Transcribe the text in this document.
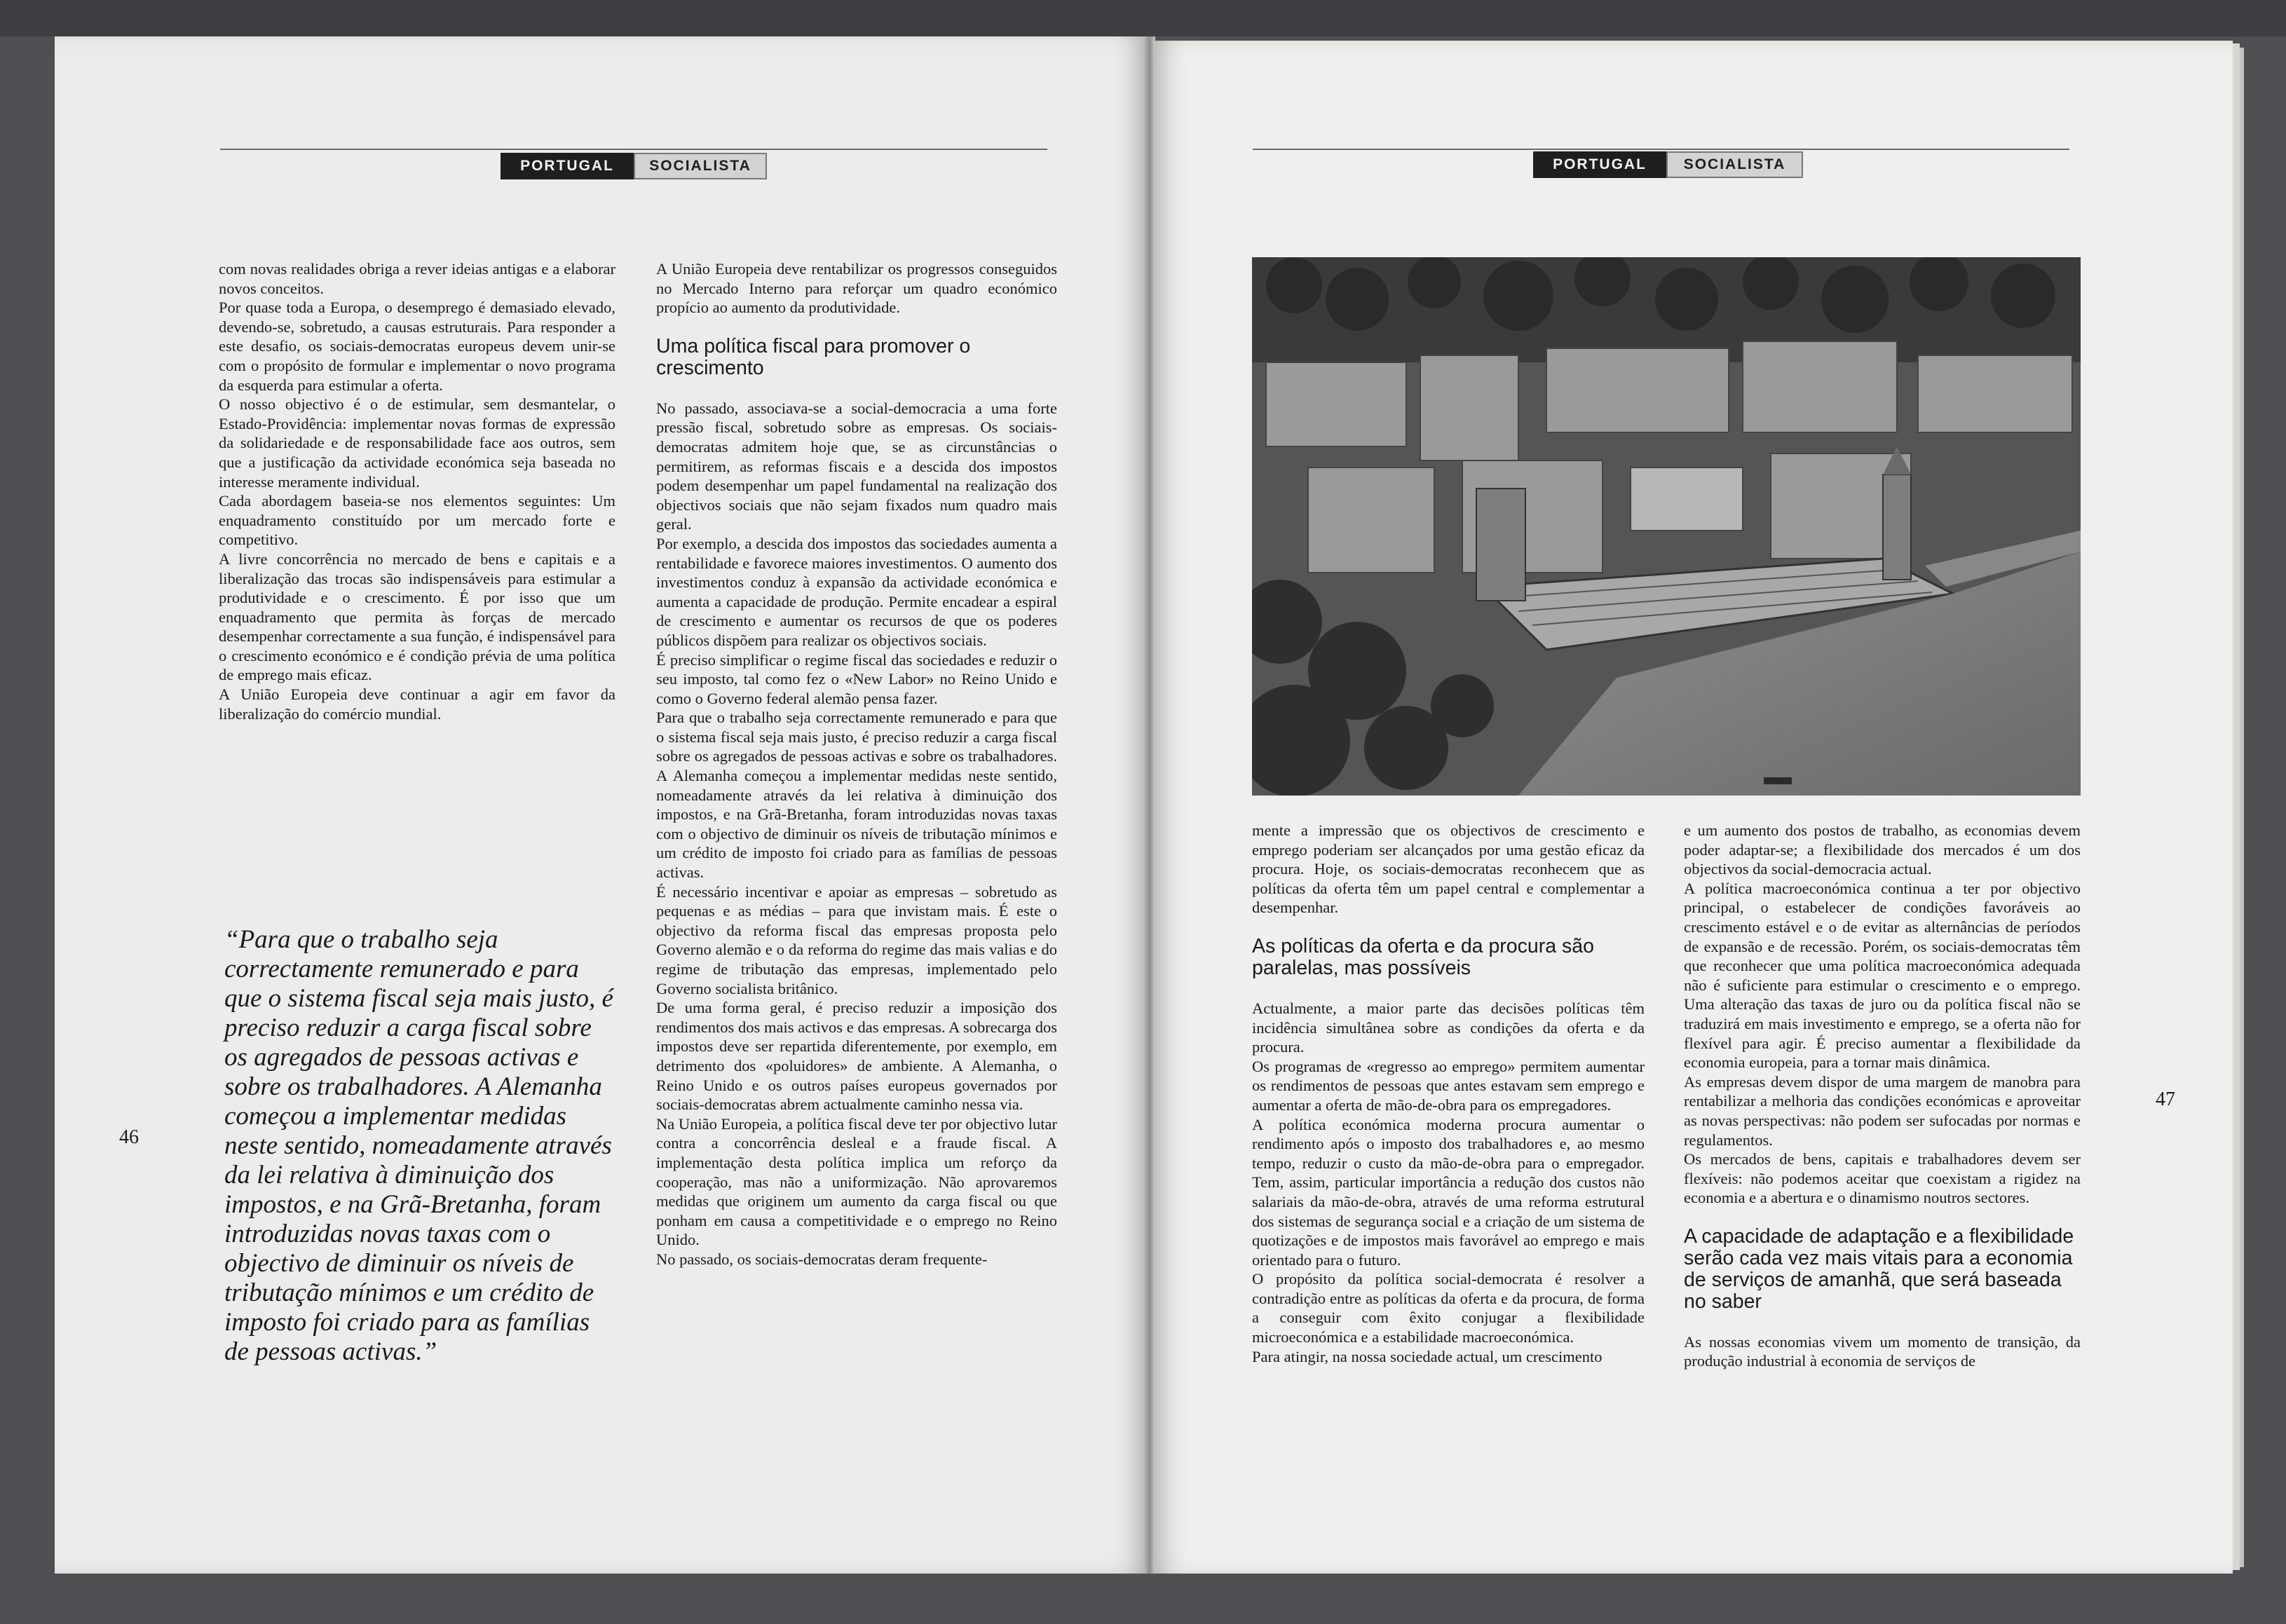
PORTUGAL	SOCIALISTA

com novas realidades obriga a rever ideias antigas e a elaborar novos conceitos.

Por quase toda a Europa, o desemprego é demasiado elevado, devendo-se, sobretudo, a causas estruturais. Para responder a este desafio, os sociais-democratas europeus devem unir-se com o propósito de formular e implementar o novo programa da esquerda para estimular a oferta.

O nosso objectivo é o de estimular, sem desmantelar, o Estado-Providência: implementar novas formas de expressão da solidariedade e de responsabilidade face aos outros, sem que a justificação da actividade económica seja baseada no interesse meramente individual.

Cada abordagem baseia-se nos elementos seguintes: Um enquadramento constituído por um mercado forte e competitivo.

A livre concorrência no mercado de bens e capitais e a liberalização das trocas são indispensáveis para estimular a produtividade e o crescimento. É por isso que um enquadramento que permita às forças de mercado desempenhar correctamente a sua função, é indispensável para o crescimento económico e é condição prévia de uma política de emprego mais eficaz.

A União Europeia deve continuar a agir em favor da liberalização do comércio mundial.

“Para que o trabalho seja correctamente remunerado e para que o sistema fiscal seja mais justo, é preciso reduzir a carga fiscal sobre os agregados de pessoas activas e sobre os trabalhadores. A Alemanha começou a implementar medidas neste sentido, nomeadamente através da lei relativa à diminuição dos impostos, e na Grã-Bretanha, foram introduzidas novas taxas com o objectivo de diminuir os níveis de tributação mínimos e um crédito de imposto foi criado para as famílias de pessoas activas.”
46

A União Europeia deve rentabilizar os progressos conseguidos no Mercado Interno para reforçar um quadro económico propício ao aumento da produtividade.

Uma política fiscal para promover o crescimento

No passado, associava-se a social-democracia a uma forte pressão fiscal, sobretudo sobre as empresas. Os sociais-democratas admitem hoje que, se as circunstâncias o permitirem, as reformas fiscais e a descida dos impostos podem desempenhar um papel fundamental na realização dos objectivos sociais que não sejam fixados num quadro mais geral.

Por exemplo, a descida dos impostos das sociedades aumenta a rentabilidade e favorece maiores investimentos. O aumento dos investimentos conduz à expansão da actividade económica e aumenta a capacidade de produção. Permite encadear a espiral de crescimento e aumentar os recursos de que os poderes públicos dispõem para realizar os objectivos sociais.

É preciso simplificar o regime fiscal das sociedades e reduzir o seu imposto, tal como fez o «New Labor» no Reino Unido e como o Governo federal alemão pensa fazer.

Para que o trabalho seja correctamente remunerado e para que o sistema fiscal seja mais justo, é preciso reduzir a carga fiscal sobre os agregados de pessoas activas e sobre os trabalhadores. A Alemanha começou a implementar medidas neste sentido, nomeadamente através da lei relativa à diminuição dos impostos, e na Grã-Bretanha, foram introduzidas novas taxas com o objectivo de diminuir os níveis de tributação mínimos e um crédito de imposto foi criado para as famílias de pessoas activas.

É necessário incentivar e apoiar as empresas – sobretudo as pequenas e as médias – para que invistam mais. É este o objectivo da reforma fiscal das empresas proposta pelo Governo alemão e o da reforma do regime das mais valias e do regime de tributação das empresas, implementado pelo Governo socialista britânico.

De uma forma geral, é preciso reduzir a imposição dos rendimentos dos mais activos e das empresas. A sobrecarga dos impostos deve ser repartida diferentemente, por exemplo, em detrimento dos «poluidores» de ambiente. A Alemanha, o Reino Unido e os outros países europeus governados por sociais-democratas abrem actualmente caminho nessa via.

Na União Europeia, a política fiscal deve ter por objectivo lutar contra a concorrência desleal e a fraude fiscal. A implementação desta política implica um reforço da cooperação, mas não a uniformização. Não aprovaremos medidas que originem um aumento da carga fiscal ou que ponham em causa a competitividade e o emprego no Reino Unido.

No passado, os sociais-democratas deram frequente-

PORTUGAL	SOCIALISTA

mente a impressão que os objectivos de crescimento e emprego poderiam ser alcançados por uma gestão eficaz da procura. Hoje, os sociais-democratas reconhecem que as políticas da oferta têm um papel central e complementar a desempenhar.

As políticas da oferta e da procura são paralelas, mas possíveis

Actualmente, a maior parte das decisões políticas têm incidência simultânea sobre as condições da oferta e da procura.

Os programas de «regresso ao emprego» permitem aumentar os rendimentos de pessoas que antes estavam sem emprego e aumentar a oferta de mão-de-obra para os empregadores.

A política económica moderna procura aumentar o rendimento após o imposto dos trabalhadores e, ao mesmo tempo, reduzir o custo da mão-de-obra para o empregador. Tem, assim, particular importância a redução dos custos não salariais da mão-de-obra, através de uma reforma estrutural dos sistemas de segurança social e a criação de um sistema de quotizações e de impostos mais favorável ao emprego e mais orientado para o futuro.

O propósito da política social-democrata é resolver a contradição entre as políticas da oferta e da procura, de forma a conseguir com êxito conjugar a flexibilidade microeconómica e a estabilidade macroeconómica.

Para atingir, na nossa sociedade actual, um crescimento

e um aumento dos postos de trabalho, as economias devem poder adaptar-se; a flexibilidade dos mercados é um dos objectivos da social-democracia actual.

A política macroeconómica continua a ter por objectivo principal, o estabelecer de condições favoráveis ao crescimento estável e o de evitar as alternâncias de períodos de expansão e de recessão. Porém, os sociais-democratas têm que reconhecer que uma política macroeconómica adequada não é suficiente para estimular o crescimento e o emprego. Uma alteração das taxas de juro ou da política fiscal não se traduzirá em mais investimento e emprego, se a oferta não for flexível para agir. É preciso aumentar a flexibilidade da economia europeia, para a tornar mais dinâmica.

As empresas devem dispor de uma margem de manobra para rentabilizar a melhoria das condições económicas e aproveitar as novas perspectivas: não podem ser sufocadas por normas e regulamentos.

Os mercados de bens, capitais e trabalhadores devem ser flexíveis: não podemos aceitar que coexistam a rigidez na economia e a abertura e o dinamismo noutros sectores.

A capacidade de adaptação e a flexibilidade serão cada vez mais vitais para a economia de serviços de amanhã, que será baseada no saber

As nossas economias vivem um momento de transição, da produção industrial à economia de serviços de

47
